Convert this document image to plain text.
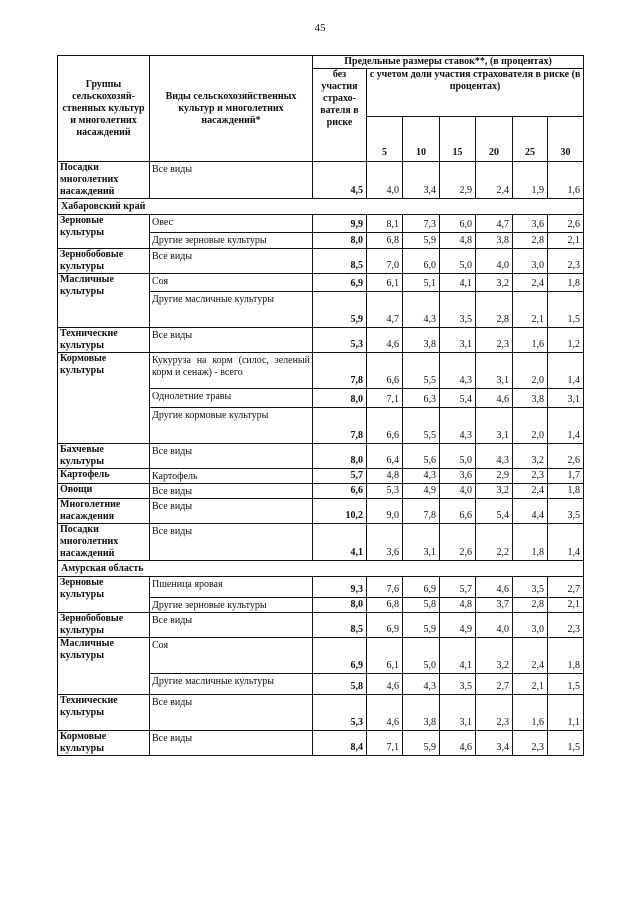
45
Группы сельскохозяй-ственных культур и многолетних насаждений	Виды сельскохозяйственных культур и многолетних насаждений*	Предельные размеры ставок**, (в процентах)						
		без участия страхо-вателя в риске	с учетом доли участия страхователя в риске (в процентах)					
			5	10	15	20	25	30
Посадки многолетних насаждений	Все виды	4,5	4,0	3,4	2,9	2,4	1,9	1,6
Хабаровский край								
Зерновые культуры	Овес	9,9	8,1	7,3	6,0	4,7	3,6	2,6
	Другие зерновые культуры	8,0	6,8	5,9	4,8	3,8	2,8	2,1
Зернобобовые культуры	Все виды	8,5	7,0	6,0	5,0	4,0	3,0	2,3
Масличные культуры	Соя	6,9	6,1	5,1	4,1	3,2	2,4	1,8
	Другие масличные культуры	5,9	4,7	4,3	3,5	2,8	2,1	1,5
Технические культуры	Все виды	5,3	4,6	3,8	3,1	2,3	1,6	1,2
Кормовые культуры	Кукуруза на корм (силос, зеленый корм и сенаж) - всего	7,8	6,6	5,5	4,3	3,1	2,0	1,4
	Однолетние травы	8,0	7,1	6,3	5,4	4,6	3,8	3,1
	Другие кормовые культуры	7,8	6,6	5,5	4,3	3,1	2,0	1,4
Бахчевые культуры	Все виды	8,0	6,4	5,6	5,0	4,3	3,2	2,6
Картофель	Картофель	5,7	4,8	4,3	3,6	2,9	2,3	1,7
Овощи	Все виды	6,6	5,3	4,9	4,0	3,2	2,4	1,8
Многолетние насаждения	Все виды	10,2	9,0	7,8	6,6	5,4	4,4	3,5
Посадки многолетних насаждений	Все виды	4,1	3,6	3,1	2,6	2,2	1,8	1,4
Амурская область								
Зерновые культуры	Пшеница яровая	9,3	7,6	6,9	5,7	4,6	3,5	2,7
	Другие зерновые культуры	8,0	6,8	5,8	4,8	3,7	2,8	2,1
Зернобобовые культуры	Все виды	8,5	6,9	5,9	4,9	4,0	3,0	2,3
Масличные культуры	Соя	6,9	6,1	5,0	4,1	3,2	2,4	1,8
	Другие масличные культуры	5,8	4,6	4,3	3,5	2,7	2,1	1,5
Технические культуры	Все виды	5,3	4,6	3,8	3,1	2,3	1,6	1,1
Кормовые культуры	Все виды	8,4	7,1	5,9	4,6	3,4	2,3	1,5
